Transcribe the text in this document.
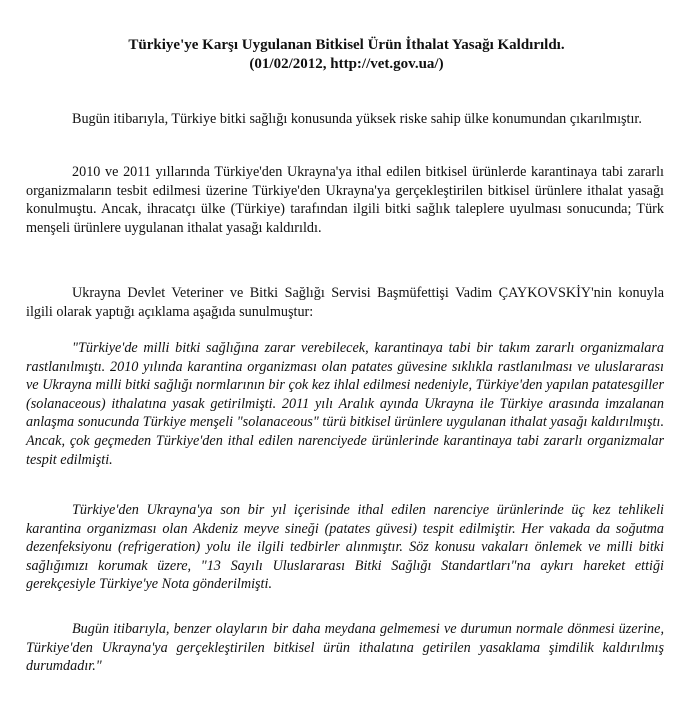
Türkiye'ye Karşı Uygulanan Bitkisel Ürün İthalat Yasağı Kaldırıldı.
(01/02/2012, http://vet.gov.ua/)

Bugün itibarıyla, Türkiye bitki sağlığı konusunda yüksek riske sahip ülke konumundan çıkarılmıştır.

2010 ve 2011 yıllarında Türkiye'den Ukrayna'ya ithal edilen bitkisel ürünlerde karantinaya tabi zararlı organizmaların tesbit edilmesi üzerine Türkiye'den Ukrayna'ya gerçekleştirilen bitkisel ürünlere ithalat yasağı konulmuştu. Ancak, ihracatçı ülke (Türkiye) tarafından ilgili bitki sağlık taleplere uyulması sonucunda; Türk menşeli ürünlere uygulanan ithalat yasağı kaldırıldı.

Ukrayna Devlet Veteriner ve Bitki Sağlığı Servisi Başmüfettişi Vadim ÇAYKOVSKİY'nin konuyla ilgili olarak yaptığı açıklama aşağıda sunulmuştur:

"Türkiye'de milli bitki sağlığına zarar verebilecek, karantinaya tabi bir takım zararlı organizmalara rastlanılmıştı. 2010 yılında karantina organizması olan patates güvesine sıklıkla rastlanılması ve uluslararası ve Ukrayna milli bitki sağlığı normlarının bir çok kez ihlal edilmesi nedeniyle, Türkiye'den yapılan patatesgiller (solanaceous) ithalatına yasak getirilmişti. 2011 yılı Aralık ayında Ukrayna ile Türkiye arasında imzalanan anlaşma sonucunda Türkiye menşeli "solanaceous" türü bitkisel ürünlere uygulanan ithalat yasağı kaldırılmıştı. Ancak, çok geçmeden Türkiye'den ithal edilen narenciyede ürünlerinde karantinaya tabi zararlı organizmalar tespit edilmişti.

Türkiye'den Ukrayna'ya son bir yıl içerisinde ithal edilen narenciye ürünlerinde üç kez tehlikeli karantina organizması olan Akdeniz meyve sineği (patates güvesi) tespit edilmiştir. Her vakada da soğutma dezenfeksiyonu (refrigeration) yolu ile ilgili tedbirler alınmıştır. Söz konusu vakaları önlemek ve milli bitki sağlığımızı korumak üzere, "13 Sayılı Uluslararası Bitki Sağlığı Standartları"na aykırı hareket ettiği gerekçesiyle Türkiye'ye Nota gönderilmişti.

Bugün itibarıyla, benzer olayların bir daha meydana gelmemesi ve durumun normale dönmesi üzerine, Türkiye'den Ukrayna'ya gerçekleştirilen bitkisel ürün ithalatına getirilen yasaklama şimdilik kaldırılmış durumdadır."
